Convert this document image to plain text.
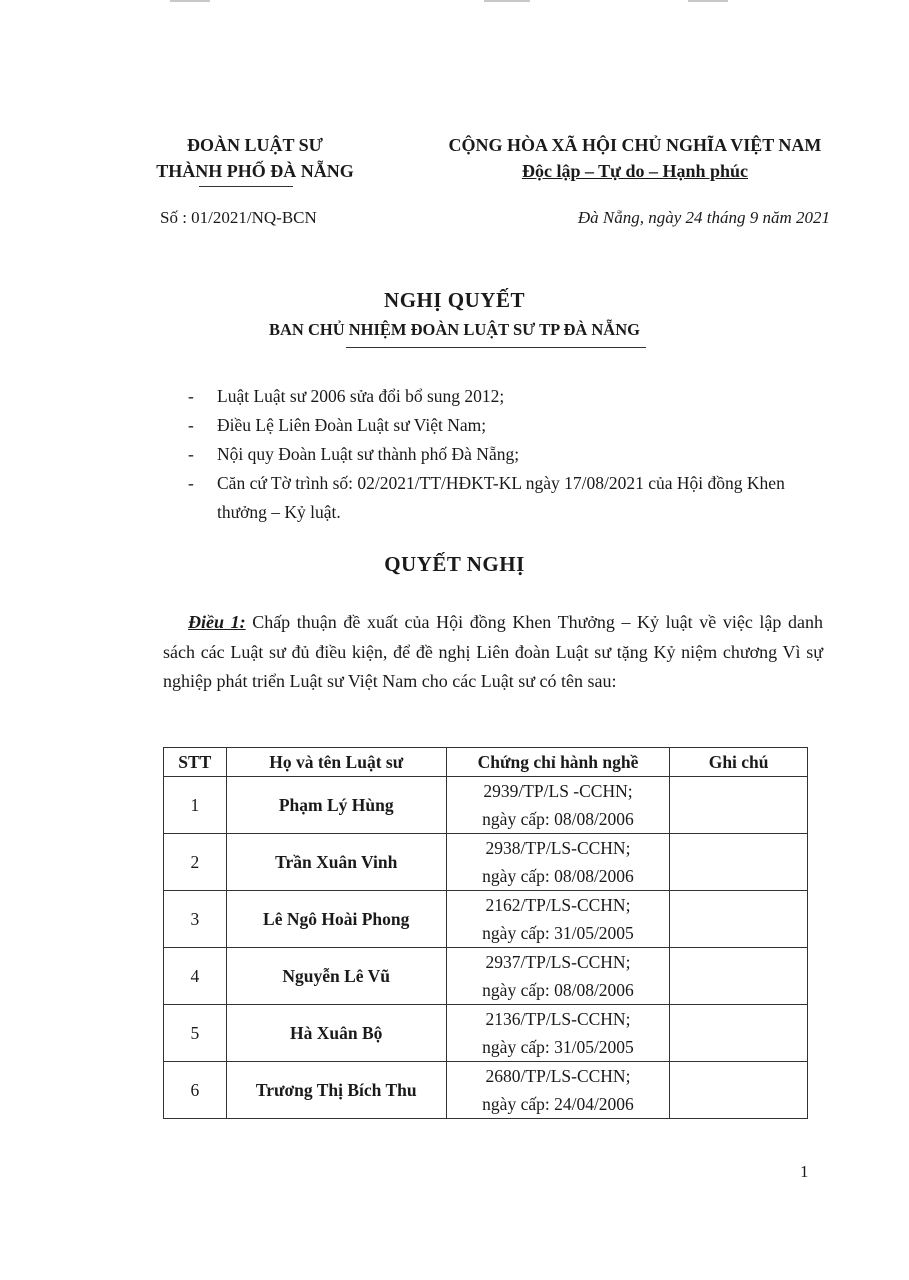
ĐOÀN LUẬT SƯ
THÀNH PHỐ ĐÀ NẴNG
CỘNG HÒA XÃ HỘI CHỦ NGHĨA VIỆT NAM
Độc lập – Tự do – Hạnh phúc
Số : 01/2021/NQ-BCN	Đà Nẵng, ngày 24 tháng 9 năm 2021
NGHỊ QUYẾT
BAN CHỦ NHIỆM ĐOÀN LUẬT SƯ TP ĐÀ NẴNG
- Luật Luật sư 2006 sửa đổi bổ sung 2012;
- Điều Lệ Liên Đoàn Luật sư Việt Nam;
- Nội quy Đoàn Luật sư thành phố Đà Nẵng;
- Căn cứ Tờ trình số: 02/2021/TT/HĐKT-KL ngày 17/08/2021 của Hội đồng Khen thưởng – Kỷ luật.
QUYẾT NGHỊ
Điều 1: Chấp thuận đề xuất của Hội đồng Khen Thưởng – Kỷ luật về việc lập danh sách các Luật sư đủ điều kiện, để đề nghị Liên đoàn Luật sư tặng Kỷ niệm chương Vì sự nghiệp phát triển Luật sư Việt Nam cho các Luật sư có tên sau:
STT	Họ và tên Luật sư	Chứng chỉ hành nghề	Ghi chú
1	Phạm Lý Hùng	2939/TP/LS -CCHN;
ngày cấp: 08/08/2006	

2	Trần Xuân Vinh	2938/TP/LS-CCHN;
ngày cấp: 08/08/2006	

3	Lê Ngô Hoài Phong	2162/TP/LS-CCHN;
ngày cấp: 31/05/2005	

4	Nguyễn Lê Vũ	2937/TP/LS-CCHN;
ngày cấp: 08/08/2006	

5	Hà Xuân Bộ	2136/TP/LS-CCHN;
ngày cấp: 31/05/2005	

6	Trương Thị Bích Thu	2680/TP/LS-CCHN;
ngày cấp: 24/04/2006	

1
